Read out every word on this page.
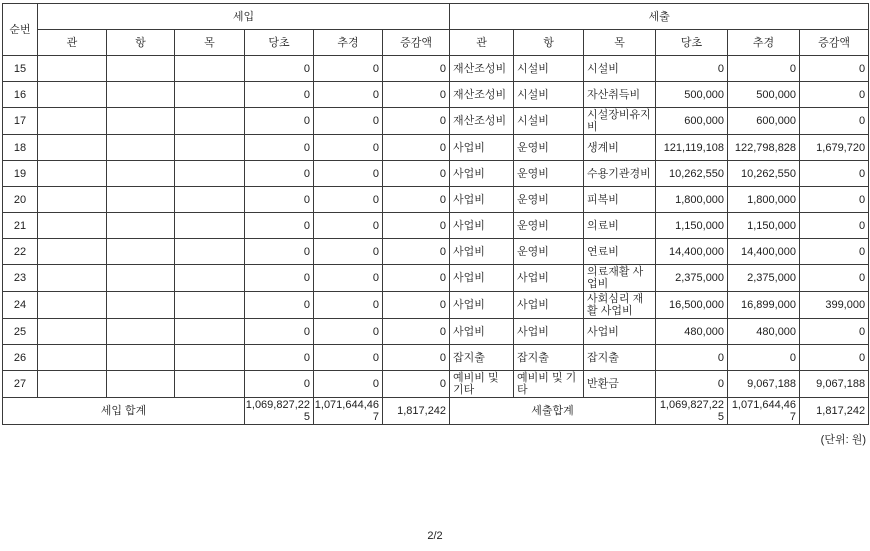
순번	세입						세출					
	관	항	목	당초	추경	증감액	관	항	목	당초	추경	증감액
15				0	0	0	재산조성비	시설비	시설비	0	0	0
16				0	0	0	재산조성비	시설비	자산취득비	500,000	500,000	0
17				0	0	0	재산조성비	시설비	시설장비유지비	600,000	600,000	0
18				0	0	0	사업비	운영비	생계비	121,119,108	122,798,828	1,679,720
19				0	0	0	사업비	운영비	수용기관경비	10,262,550	10,262,550	0
20				0	0	0	사업비	운영비	피복비	1,800,000	1,800,000	0
21				0	0	0	사업비	운영비	의료비	1,150,000	1,150,000	0
22				0	0	0	사업비	운영비	연료비	14,400,000	14,400,000	0
23				0	0	0	사업비	사업비	의료재활 사업비	2,375,000	2,375,000	0
24				0	0	0	사업비	사업비	사회심리 재활 사업비	16,500,000	16,899,000	399,000
25				0	0	0	사업비	사업비	사업비	480,000	480,000	0
26				0	0	0	잡지출	잡지출	잡지출	0	0	0
27				0	0	0	예비비 및 기타	예비비 및 기타	반환금	0	9,067,188	9,067,188
세입 합계				1,069,827,225	1,071,644,467	1,817,242	세출합계			1,069,827,225	1,071,644,467	1,817,242
(단위: 원)
2/2
